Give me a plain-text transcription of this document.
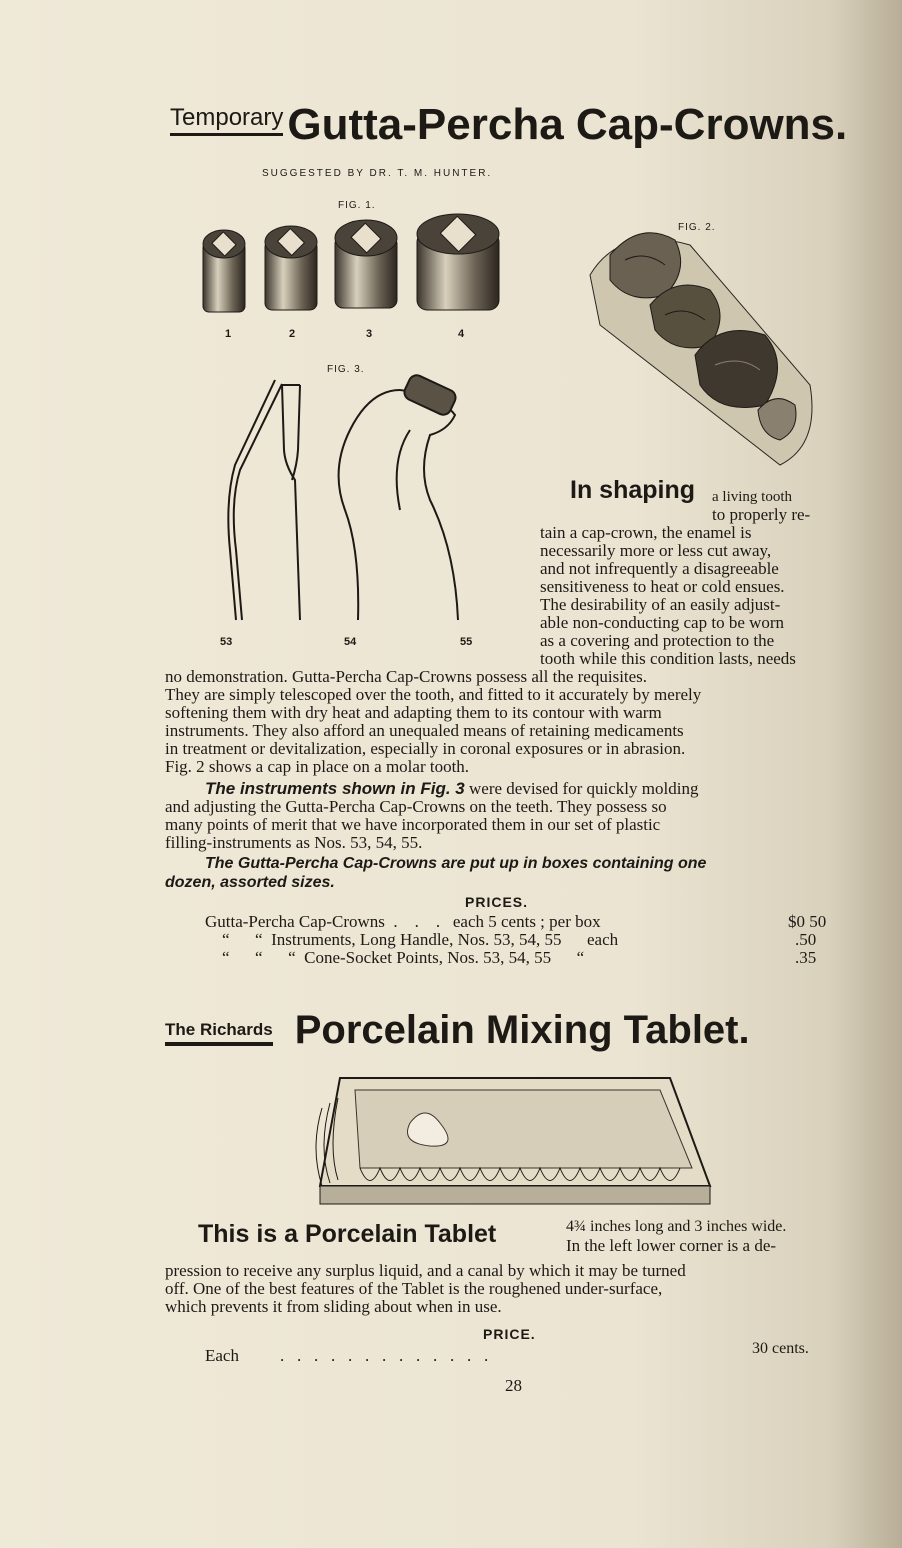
Temporary Gutta-Percha Cap-Crowns.
SUGGESTED BY DR. T. M. HUNTER.
FIG. 1.
1	2	3	4
FIG. 2.
FIG. 3.
53	54	55
In shaping a living tooth
to properly re-
tain a cap-crown, the enamel is
necessarily more or less cut away,
and not infrequently a disagreeable
sensitiveness to heat or cold ensues.
The desirability of an easily adjust-
able non-conducting cap to be worn
as a covering and protection to the
tooth while this condition lasts, needs
no demonstration. Gutta-Percha Cap-Crowns possess all the requisites.
They are simply telescoped over the tooth, and fitted to it accurately by merely
softening them with dry heat and adapting them to its contour with warm
instruments. They also afford an unequaled means of retaining medicaments
in treatment or devitalization, especially in coronal exposures or in abrasion.
Fig. 2 shows a cap in place on a molar tooth.
The instruments shown in Fig. 3 were devised for quickly molding
and adjusting the Gutta-Percha Cap-Crowns on the teeth. They possess so
many points of merit that we have incorporated them in our set of plastic
filling-instruments as Nos. 53, 54, 55.
The Gutta-Percha Cap-Crowns are put up in boxes containing one
dozen, assorted sizes.
PRICES.
Gutta-Percha Cap-Crowns  .    .    .   each 5 cents ; per box	$0 50
“      “  Instruments, Long Handle, Nos. 53, 54, 55      each	.50
“      “      “  Cone-Socket Points, Nos. 53, 54, 55      “	.35
The Richards Porcelain Mixing Tablet.
This is a Porcelain Tablet	4¾ inches long and 3 inches wide.
In the left lower corner is a de-
pression to receive any surplus liquid, and a canal by which it may be turned
off. One of the best features of the Tablet is the roughened under-surface,
which prevents it from sliding about when in use.
PRICE.
Each .   .   .   .   .   .   .   .   .   .   .   .   .	30 cents.
28
